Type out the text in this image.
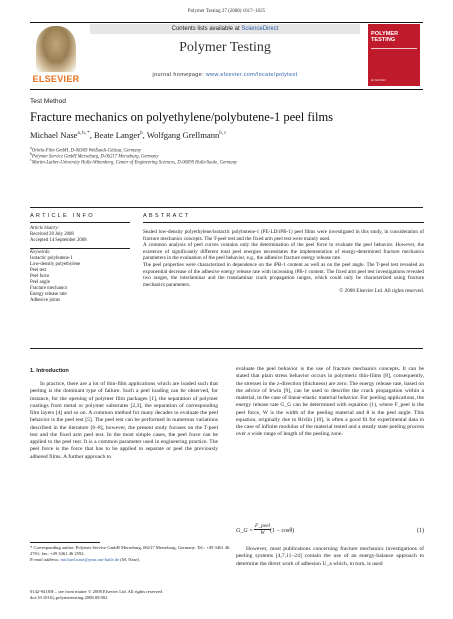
Polymer Testing 27 (2008) 1017–1025
ELSEVIER
Contents lists available at ScienceDirect
Polymer Testing
journal homepage: www.elsevier.com/locate/polytest
POLYMER
TESTING
ELSEVIER
Test Method
Fracture mechanics on polyethylene/polybutene-1 peel films
Michael Nase$^{a, b, *}$, Beate Langer$^b$, Wolfgang Grellmann$^{b, c}$
$^a$Orbita-Film GmbH, D-06369 Weißandt-Gölzau, Germany
$^b$Polymer Service GmbH Merseburg, D-06217 Merseburg, Germany
$^c$Martin-Luther-University Halle-Wittenberg, Center of Engineering Sciences, D-06099 Halle/Saale, Germany
ARTICLE INFO	ABSTRACT
Article history:
Received 28 July 2008
Accepted 14 September 2008
Keywords:
Isotactic polybutene-1
Low-density polyethylene
Peel test
Peel force
Peel angle
Fracture mechanics
Energy release rate
Adhesive joints

Sealed low-density polyethylene/isotactic polybutene-1 (PE-LD/iPB-1) peel films were investigated in this study, in consideration of fracture mechanics concepts. The T-peel test and the fixed arm peel test were mainly used.

A common analysis of peel curves contains only the determination of the peel force to evaluate the peel behavior. However, the existence of significantly different total peel energies necessitates the implementation of energy-determined fracture mechanics parameters in the evaluation of the peel behavior, e.g., the adhesive fracture energy release rate.

The peel properties were characterized in dependence on the iPB-1 content as well as on the peel angle. The T-peel test revealed an exponential decrease of the adhesive energy release rate with increasing iPB-1 content. The fixed arm peel test investigations revealed two ranges, the interlaminar and the translaminar crack propagation ranges, which could only be characterized using fracture mechanics parameters.

© 2008 Elsevier Ltd. All rights reserved.

1. Introduction

In practice, there are a lot of thin-film applications which are loaded such that peeling is the dominant type of failure. Such a peel loading can be observed, for instance, for the opening of polymer film packages [1], the separation of polymer coatings from metal or polymer substrates [2,3], the separation of corresponding film layers [4] and so on. A common method for many decades to evaluate the peel behavior is the peel test [5]. The peel test can be performed in numerous variations described in the literature [6–8], however, the present study focuses on the T-peel test and the fixed arm peel test. In the most simple cases, the peel force can be applied to the peel test. It is a common parameter used in engineering practice. The peel force is the force that has to be applied to separate or peel the previously adhered films. A further approach to

evaluate the peel behavior is the use of fracture mechanics concepts. It can be stated that plain stress behavior occurs in polymeric thin-films [8], consequently, the stresses in the z-direction (thickness) are zero. The energy release rate, based on the advice of Irwin [9], can be used to describe the crack propagation within a material, in the case of linear-elastic material behavior. For peeling applications, the energy release rate G_G can be determined with equation (1), where F_peel is the peel force, W is the width of the peeling material and θ is the peel angle. This equation, originally due to Rivlin [10], is often a good fit for experimental data in the case of infinite modulus of the material tested and a steady state peeling process over a wide range of length of the peeling zone.

G_G =
F_peel
W (1 − cosθ)	(1)

However, most publications concerning fracture mechanics investigations of peeling systems [4,7,11–24] contain the use of an energy-balance approach to determine the direct work of adhesion U_a which, in turn, is used

* Corresponding author. Polymer Service GmbH Merseburg, 06217 Merseburg, Germany. Tel.: +49 3461 46 2761; fax: +49 3461 46 2592.
E-mail address: michael.nase@psm.uni-halle.de (M. Nase).
0142-9418/$ – see front matter © 2008 Elsevier Ltd. All rights reserved.
doi:10.1016/j.polymertesting.2008.09.002
